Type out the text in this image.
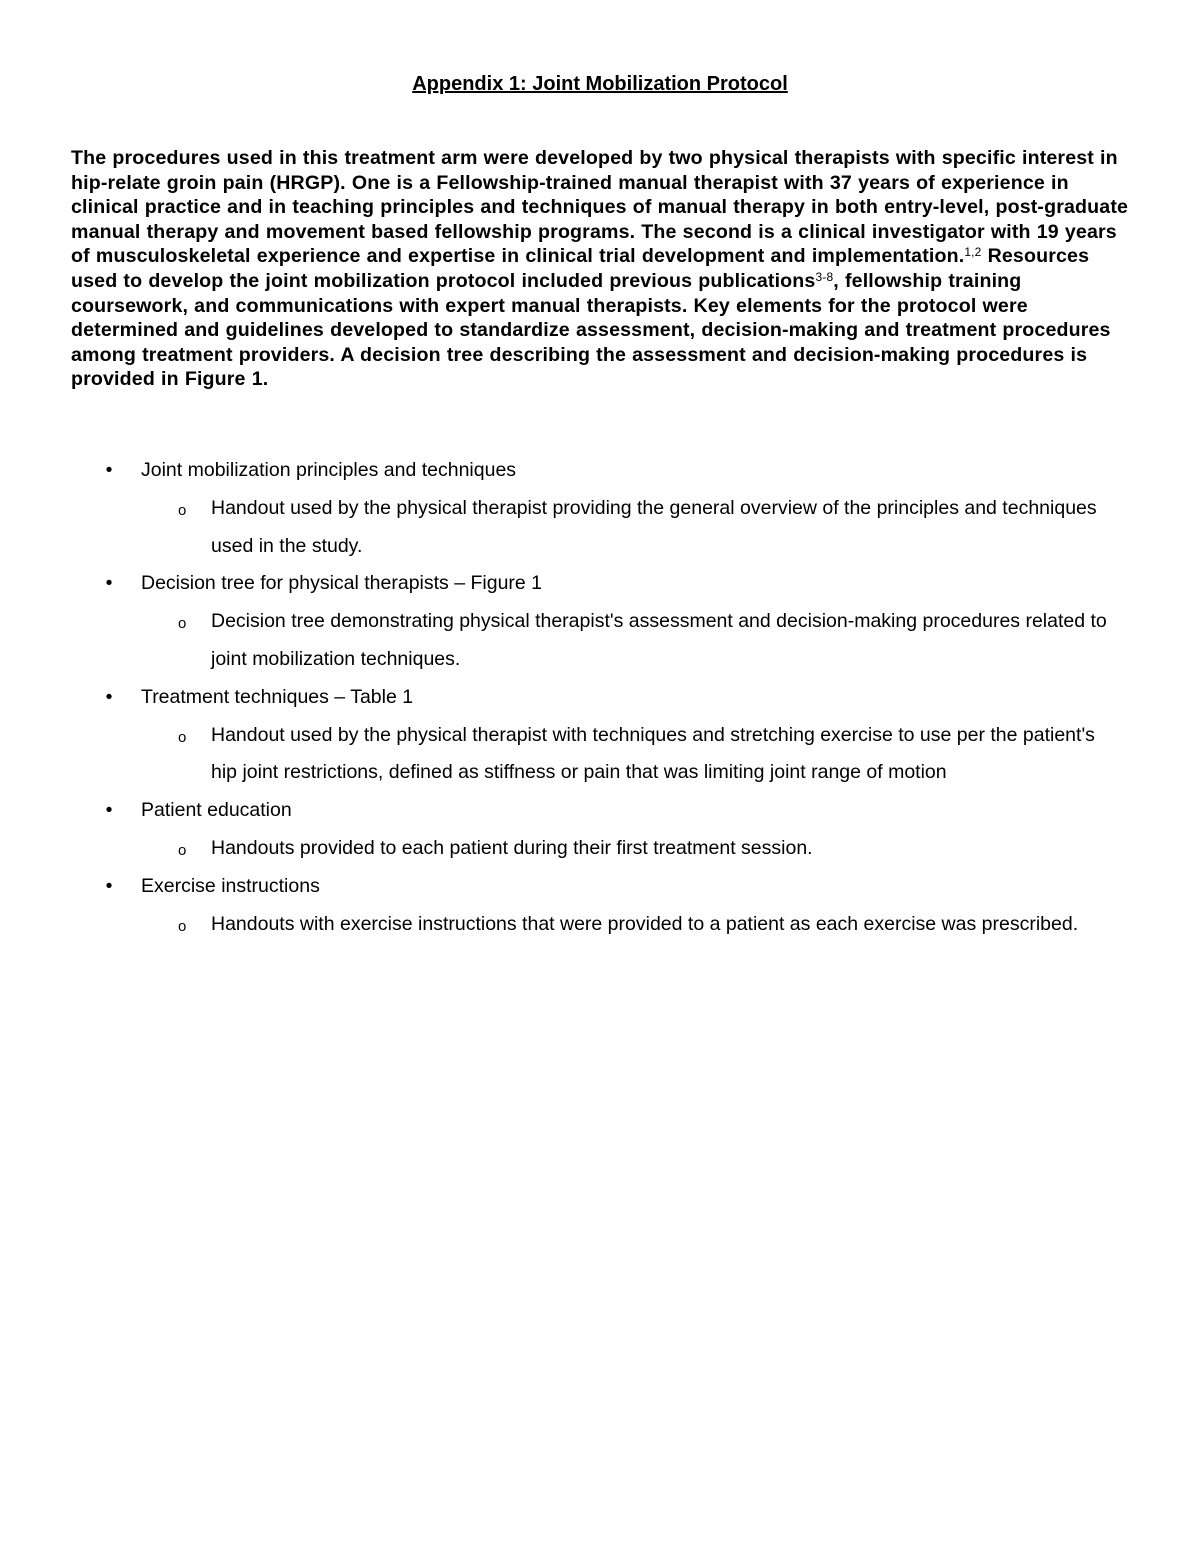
Appendix 1: Joint Mobilization Protocol

The procedures used in this treatment arm were developed by two physical therapists with specific interest in hip-relate groin pain (HRGP). One is a Fellowship-trained manual therapist with 37 years of experience in clinical practice and in teaching principles and techniques of manual therapy in both entry-level, post-graduate manual therapy and movement based fellowship programs. The second is a clinical investigator with 19 years of musculoskeletal experience and expertise in clinical trial development and implementation.$^{1,2}$ Resources used to develop the joint mobilization protocol included previous publications$^{3-8}$, fellowship training coursework, and communications with expert manual therapists. Key elements for the protocol were determined and guidelines developed to standardize assessment, decision-making and treatment procedures among treatment providers. A decision tree describing the assessment and decision-making procedures is provided in Figure 1.

• Joint mobilization principles and techniques
o Handout used by the physical therapist providing the general overview of the principles and techniques used in the study.
• Decision tree for physical therapists – Figure 1
o Decision tree demonstrating physical therapist's assessment and decision-making procedures related to joint mobilization techniques.
• Treatment techniques – Table 1
o Handout used by the physical therapist with techniques and stretching exercise to use per the patient's hip joint restrictions, defined as stiffness or pain that was limiting joint range of motion
• Patient education
o Handouts provided to each patient during their first treatment session.
• Exercise instructions
o Handouts with exercise instructions that were provided to a patient as each exercise was prescribed.
